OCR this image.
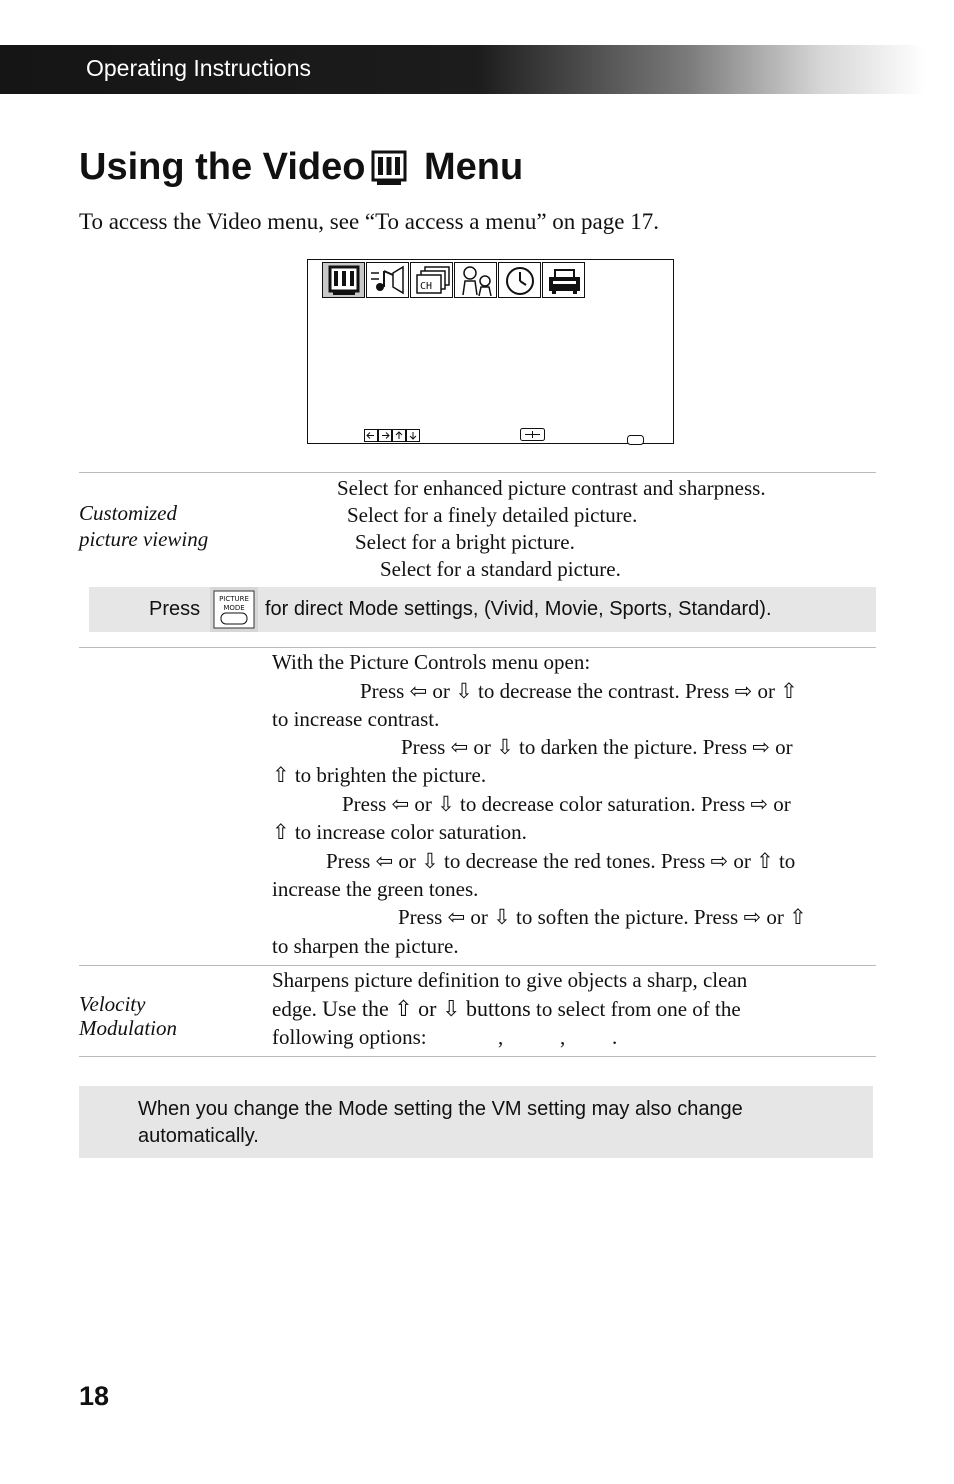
Operating Instructions
Using the Video Menu
To access the Video menu, see “To access a menu” on page 17.
CH
Customized
picture viewing
Select for enhanced picture contrast and sharpness.
Select for a finely detailed picture.
Select for a bright picture.
Select for a standard picture.
Press	PICTURE
MODE for direct Mode settings, (Vivid, Movie, Sports, Standard).
With the Picture Controls menu open:
Press ⇦ or ⇩ to decrease the contrast. Press ⇨ or ⇧
to increase contrast.
Press ⇦ or ⇩ to darken the picture. Press ⇨ or
⇧ to brighten the picture.
Press ⇦ or ⇩ to decrease color saturation. Press ⇨ or
⇧ to increase color saturation.
Press ⇦ or ⇩ to decrease the red tones. Press ⇨ or ⇧ to
increase the green tones.
Press ⇦ or ⇩ to soften the picture. Press ⇨ or ⇧
to sharpen the picture.
Velocity
Modulation
Sharpens picture definition to give objects a sharp, clean
edge. Use the ⇧ or ⇩ buttons to select from one of the
following options:	,	, .
When you change the Mode setting the VM setting may also change
automatically.
18
